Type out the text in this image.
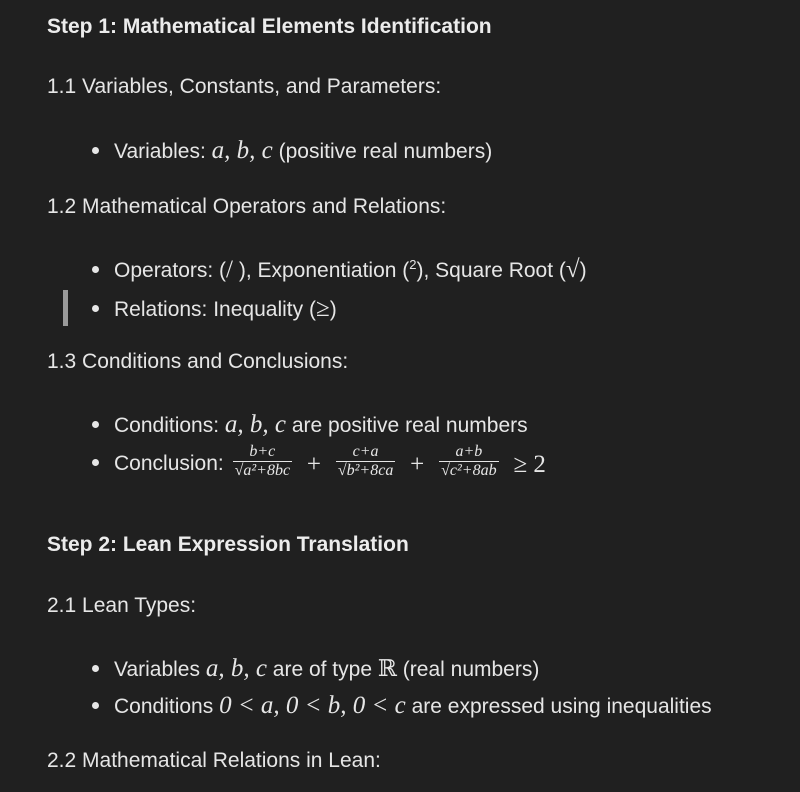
Step 1: Mathematical Elements Identification
1.1 Variables, Constants, and Parameters:
Variables: a, b, c (positive real numbers)
1.2 Mathematical Operators and Relations:
Operators: (/ ), Exponentiation ($^2$), Square Root (√)
Relations: Inequality (≥)
1.3 Conditions and Conclusions:
Conditions: a, b, c are positive real numbers
Conclusion: $\frac{b+c}{\text{√a²+8bc}} + \frac{c+a}{\text{√b²+8ca}} + \frac{a+b}{\text{√c²+8ab}} \ge 2$
Step 2: Lean Expression Translation
2.1 Lean Types:
Variables a, b, c are of type ℝ (real numbers)
Conditions 0 < a, 0 < b, 0 < c are expressed using inequalities
2.2 Mathematical Relations in Lean:
